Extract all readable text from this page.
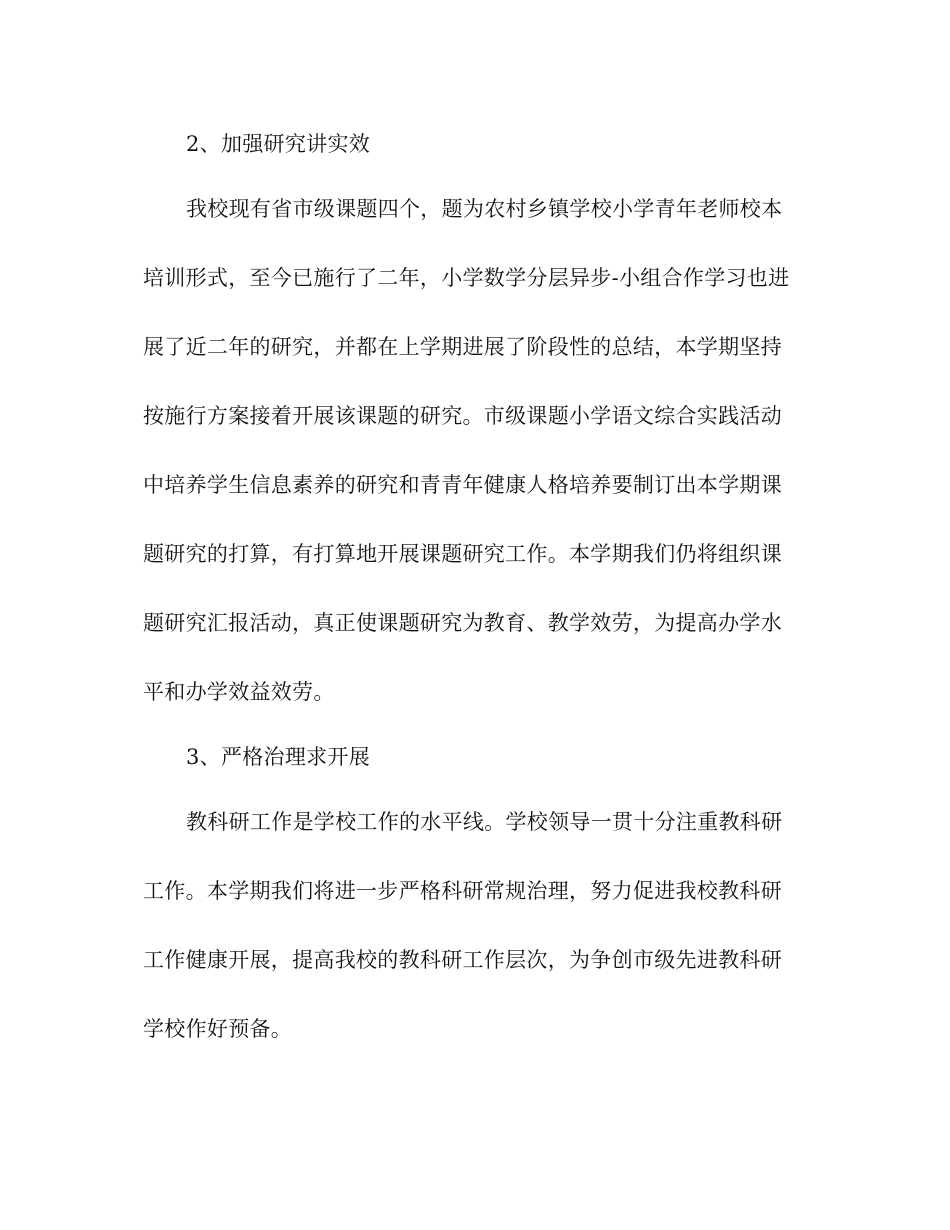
2、加强研究讲实效
我校现有省市级课题四个，题为农村乡镇学校小学青年老师校本
培训形式，至今已施行了二年，小学数学分层异步-小组合作学习也进
展了近二年的研究，并都在上学期进展了阶段性的总结，本学期坚持
按施行方案接着开展该课题的研究。市级课题小学语文综合实践活动
中培养学生信息素养的研究和青青年健康人格培养要制订出本学期课
题研究的打算，有打算地开展课题研究工作。本学期我们仍将组织课
题研究汇报活动，真正使课题研究为教育、教学效劳，为提高办学水
平和办学效益效劳。
3、严格治理求开展
教科研工作是学校工作的水平线。学校领导一贯十分注重教科研
工作。本学期我们将进一步严格科研常规治理，努力促进我校教科研
工作健康开展，提高我校的教科研工作层次，为争创市级先进教科研
学校作好预备。
